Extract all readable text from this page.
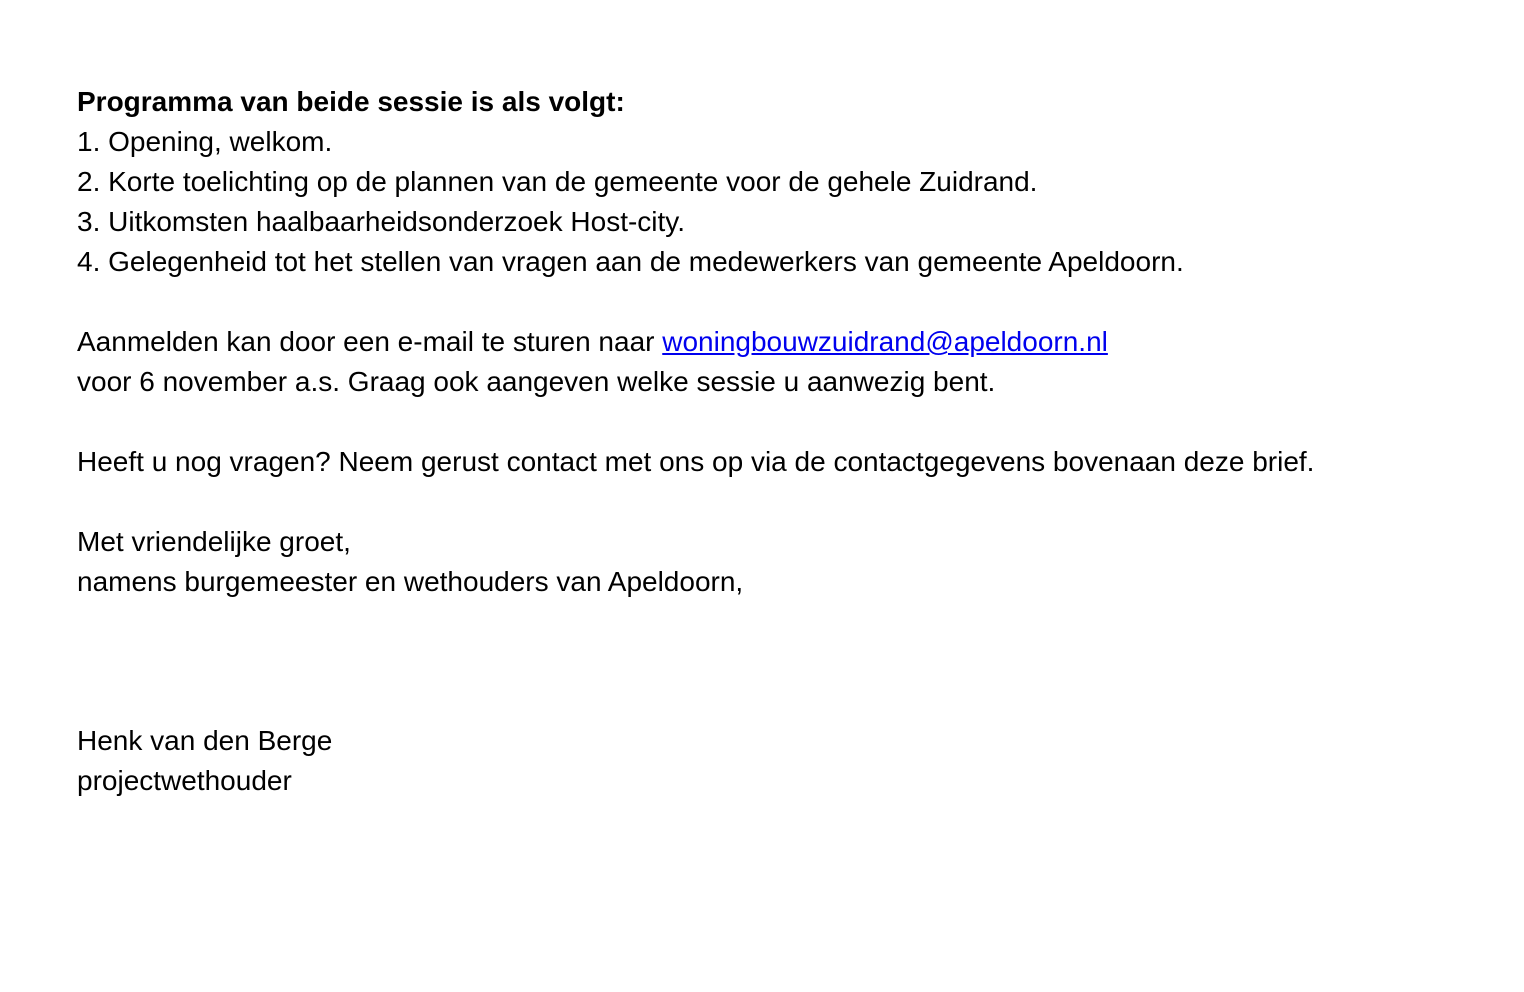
Programma van beide sessie is als volgt:
1. Opening, welkom.
2. Korte toelichting op de plannen van de gemeente voor de gehele Zuidrand.
3. Uitkomsten haalbaarheidsonderzoek Host-city.
4. Gelegenheid tot het stellen van vragen aan de medewerkers van gemeente Apeldoorn.
Aanmelden kan door een e-mail te sturen naar woningbouwzuidrand@apeldoorn.nl
voor 6 november a.s. Graag ook aangeven welke sessie u aanwezig bent.
Heeft u nog vragen? Neem gerust contact met ons op via de contactgegevens bovenaan deze brief.
Met vriendelijke groet,
namens burgemeester en wethouders van Apeldoorn,
Henk van den Berge
projectwethouder
